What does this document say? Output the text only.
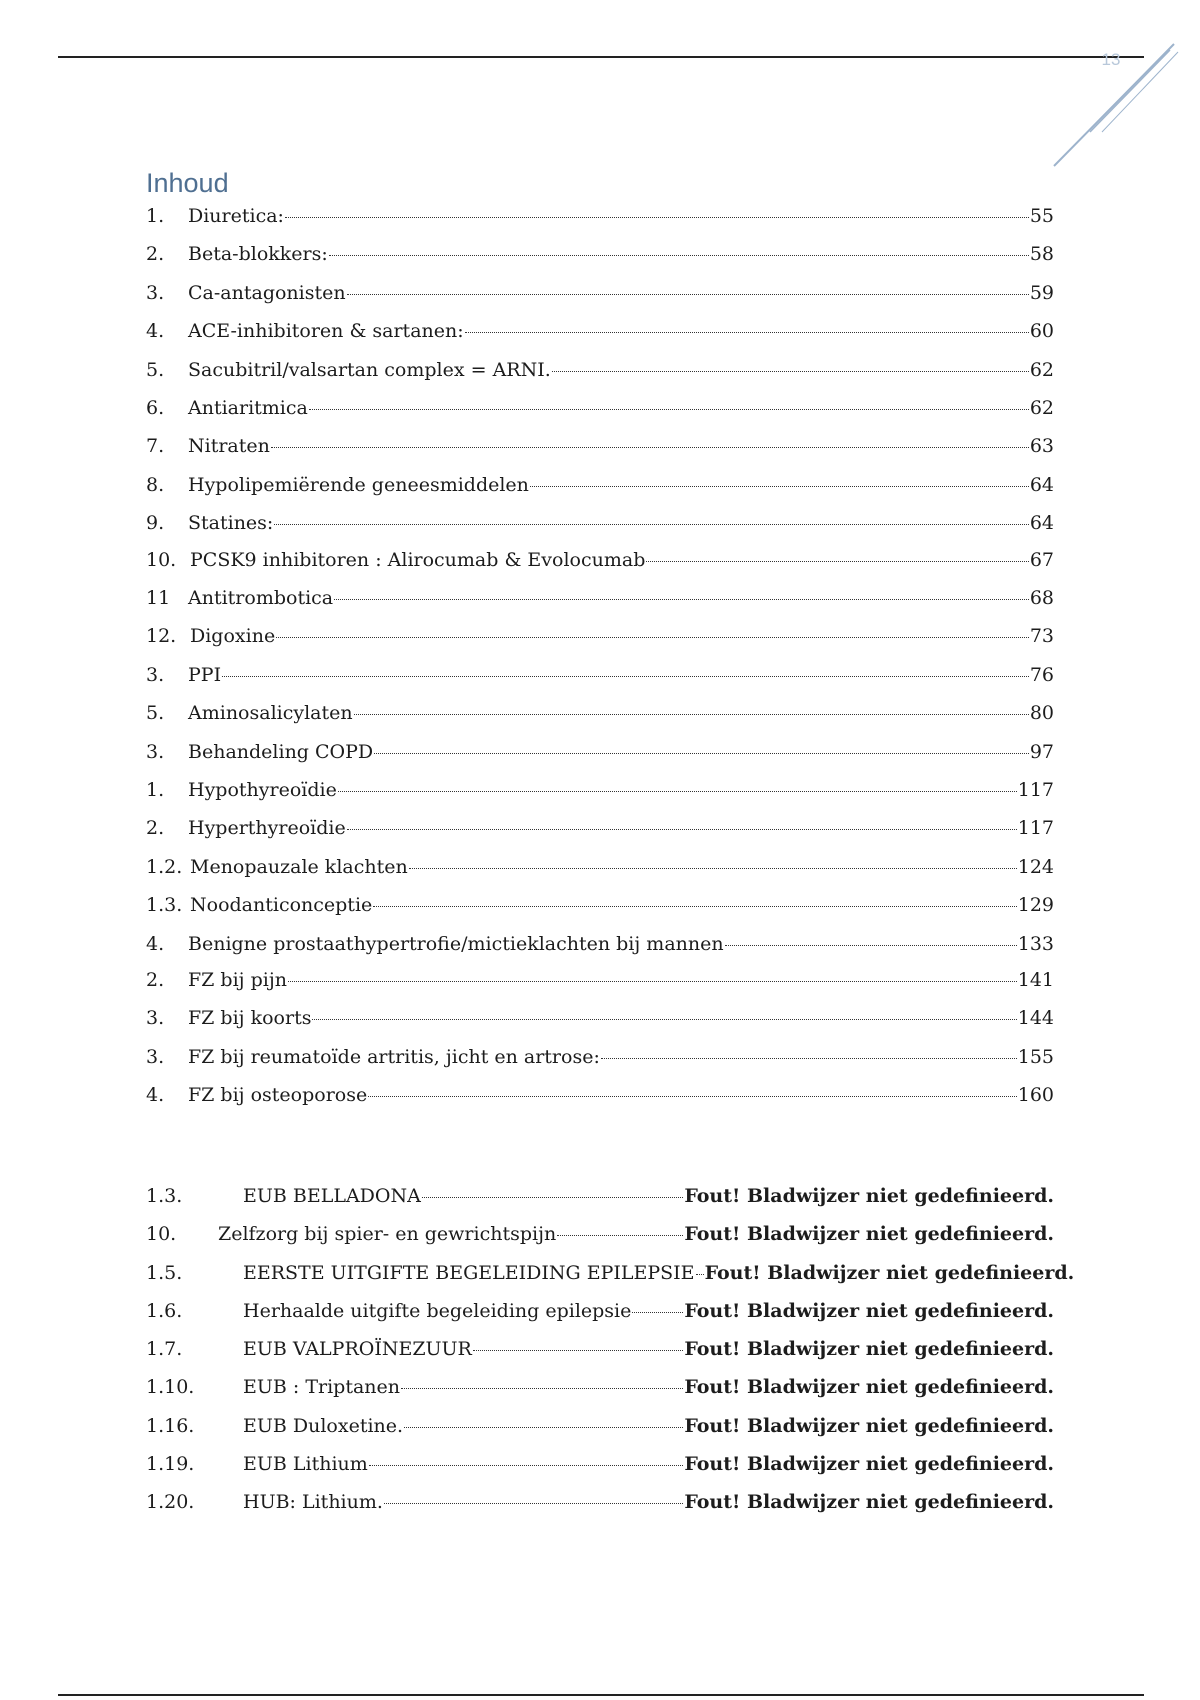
13
Inhoud
1.	Diuretica:	55
2.	Beta-blokkers:	58
3.	Ca-antagonisten	59
4.	ACE-inhibitoren & sartanen:	60
5.	Sacubitril/valsartan complex = ARNI.	62
6.	Antiaritmica	62
7.	Nitraten	63
8.	Hypolipemiërende geneesmiddelen	64
9.	Statines:	64
10. PCSK9 inhibitoren : Alirocumab & Evolocumab	67
11 Antitrombotica	68
12. Digoxine	73
3.	PPI	76
5.	Aminosalicylaten	80
3.	Behandeling COPD	97
1.	Hypothyreoïdie	117
2.	Hyperthyreoïdie	117
1.2. Menopauzale klachten	124
1.3. Noodanticonceptie	129
4.	Benigne prostaathypertrofie/mictieklachten bij mannen	133
2.	FZ bij pijn	141
3.	FZ bij koorts	144
3.	FZ bij reumatoïde artritis, jicht en artrose:	155
4.	FZ bij osteoporose	160
1.3.	EUB BELLADONA	Fout! Bladwijzer niet gedefinieerd.
10.	Zelfzorg bij spier- en gewrichtspijn	Fout! Bladwijzer niet gedefinieerd.
1.5.	EERSTE UITGIFTE BEGELEIDING EPILEPSIE Fout! Bladwijzer niet gedefinieerd.
1.6.	Herhaalde uitgifte begeleiding epilepsie	Fout! Bladwijzer niet gedefinieerd.
1.7.	EUB VALPROÏNEZUUR	Fout! Bladwijzer niet gedefinieerd.
1.10.	EUB : Triptanen	Fout! Bladwijzer niet gedefinieerd.
1.16.	EUB Duloxetine.	Fout! Bladwijzer niet gedefinieerd.
1.19.	EUB Lithium	Fout! Bladwijzer niet gedefinieerd.
1.20.	HUB: Lithium.	Fout! Bladwijzer niet gedefinieerd.
